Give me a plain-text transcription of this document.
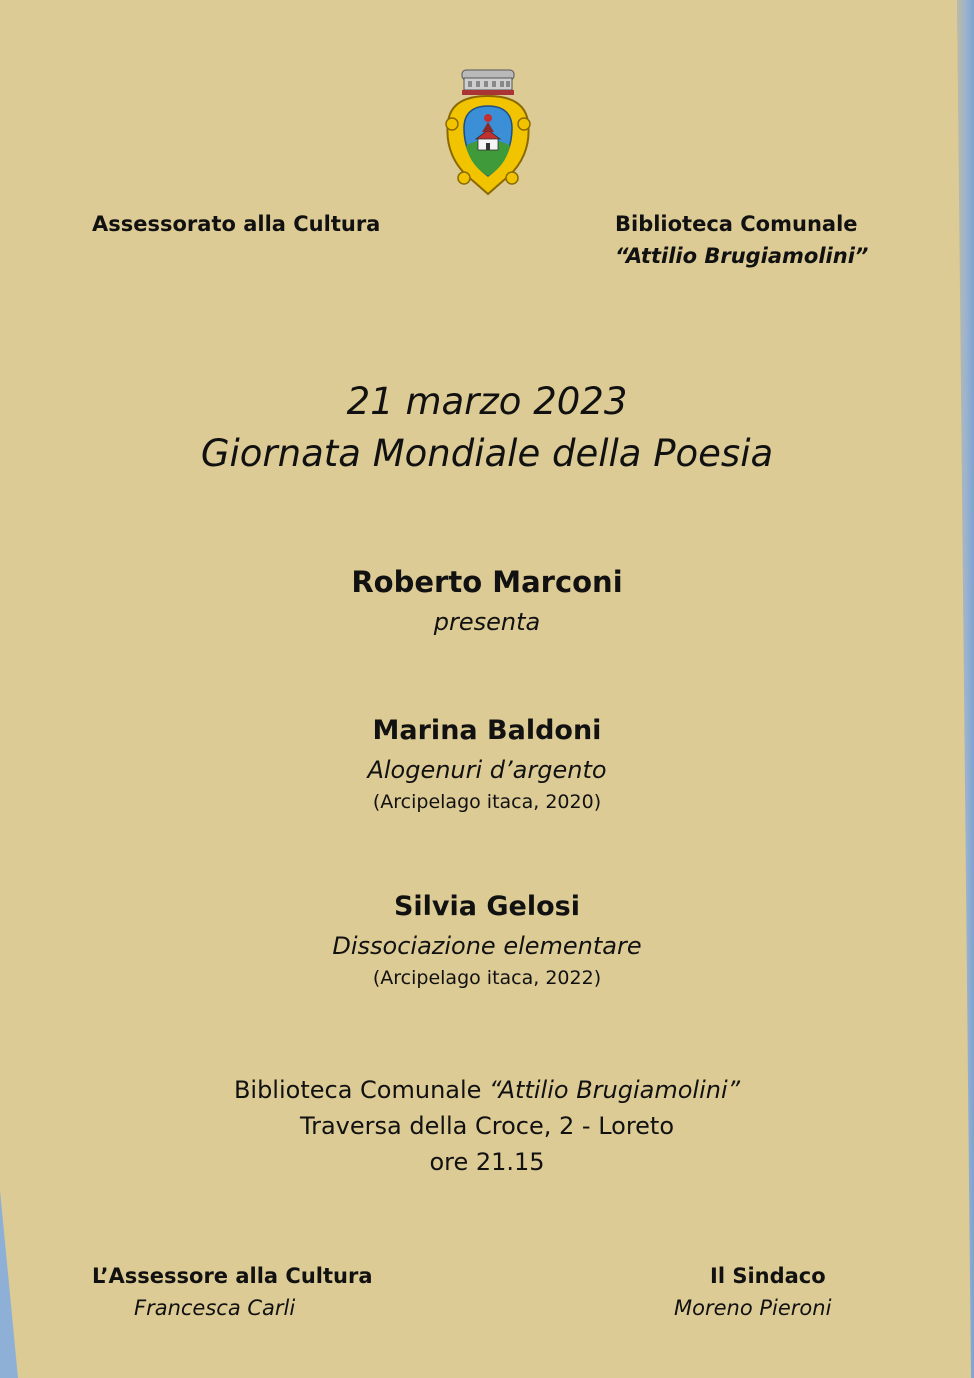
Assessorato alla Cultura	Biblioteca Comunale
“Attilio Brugiamolini”
21 marzo 2023
Giornata Mondiale della Poesia
Roberto Marconi
presenta
Marina Baldoni
Alogenuri d’argento
(Arcipelago itaca, 2020)
Silvia Gelosi
Dissociazione elementare
(Arcipelago itaca, 2022)
Biblioteca Comunale “Attilio Brugiamolini”
Traversa della Croce, 2 - Loreto
ore 21.15
L’Assessore alla Cultura
Francesca Carli
Il Sindaco
Moreno Pieroni
